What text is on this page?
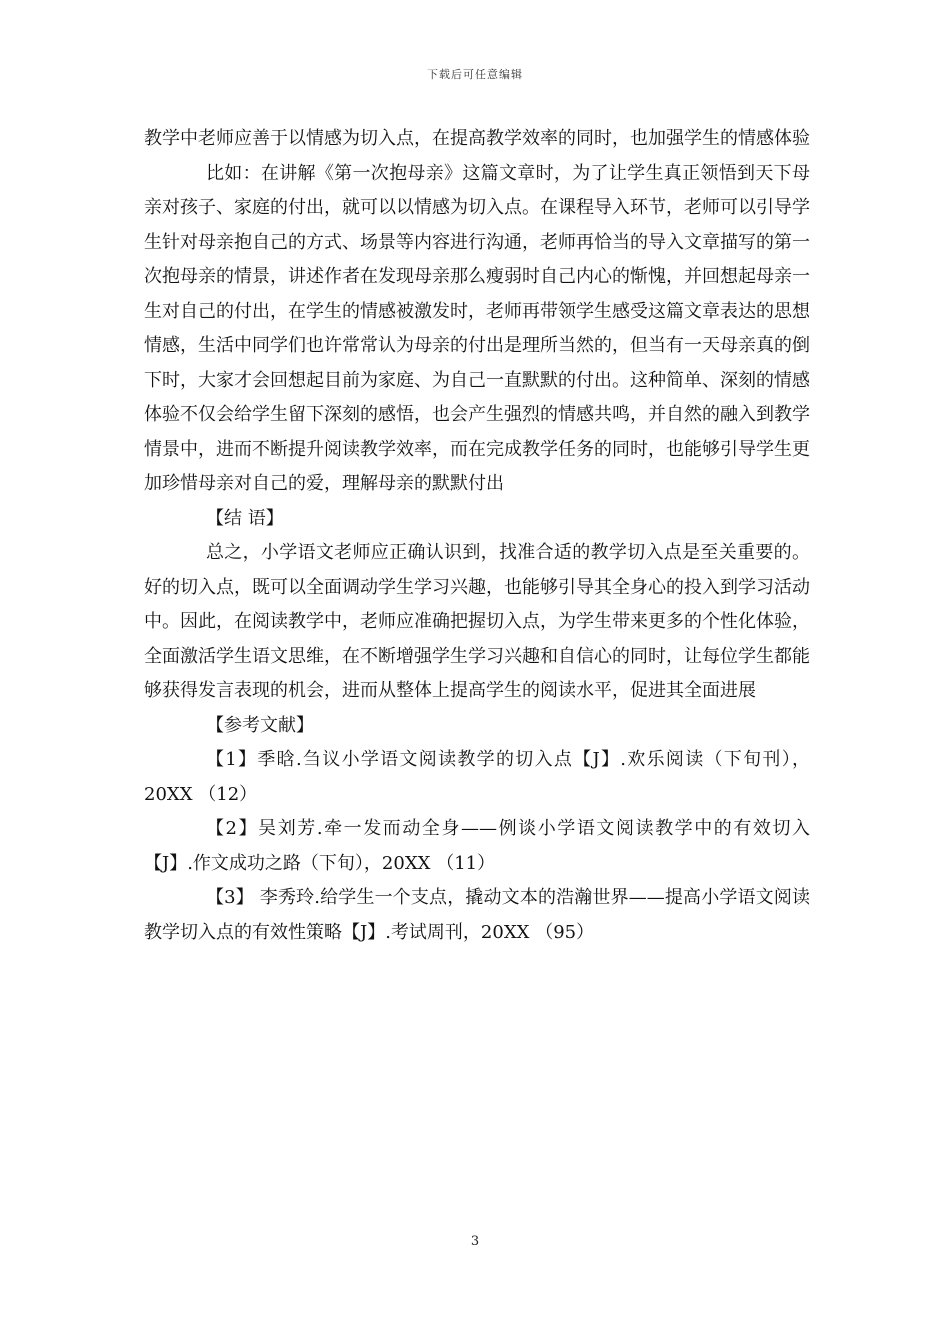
下载后可任意编辑

教学中老师应善于以情感为切入点，在提高教学效率的同时，也加强学生的情感体验

比如：在讲解《第一次抱母亲》这篇文章时，为了让学生真正领悟到天下母亲对孩子、家庭的付出，就可以以情感为切入点。在课程导入环节，老师可以引导学生针对母亲抱自己的方式、场景等内容进行沟通，老师再恰当的导入文章描写的第一次抱母亲的情景，讲述作者在发现母亲那么瘦弱时自己内心的惭愧，并回想起母亲一生对自己的付出，在学生的情感被激发时，老师再带领学生感受这篇文章表达的思想情感，生活中同学们也许常常认为母亲的付出是理所当然的，但当有一天母亲真的倒下时，大家才会回想起目前为家庭、为自己一直默默的付出。这种简单、深刻的情感体验不仅会给学生留下深刻的感悟，也会产生强烈的情感共鸣，并自然的融入到教学情景中，进而不断提升阅读教学效率，而在完成教学任务的同时，也能够引导学生更加珍惜母亲对自己的爱，理解母亲的默默付出

【结 语】

总之，小学语文老师应正确认识到，找准合适的教学切入点是至关重要的。好的切入点，既可以全面调动学生学习兴趣，也能够引导其全身心的投入到学习活动中。因此，在阅读教学中，老师应准确把握切入点，为学生带来更多的个性化体验，全面激活学生语文思维，在不断增强学生学习兴趣和自信心的同时，让每位学生都能够获得发言表现的机会，进而从整体上提高学生的阅读水平，促进其全面进展

【参考文献】

【1】季晗.刍议小学语文阅读教学的切入点【J】.欢乐阅读（下旬刊），20XX （12）

【2】吴刘芳.牵一发而动全身——例谈小学语文阅读教学中的有效切入【J】.作文成功之路（下旬），20XX （11）

【3】 李秀玲.给学生一个支点，撬动文本的浩瀚世界——提高小学语文阅读教学切入点的有效性策略【J】.考试周刊，20XX （95）

3
